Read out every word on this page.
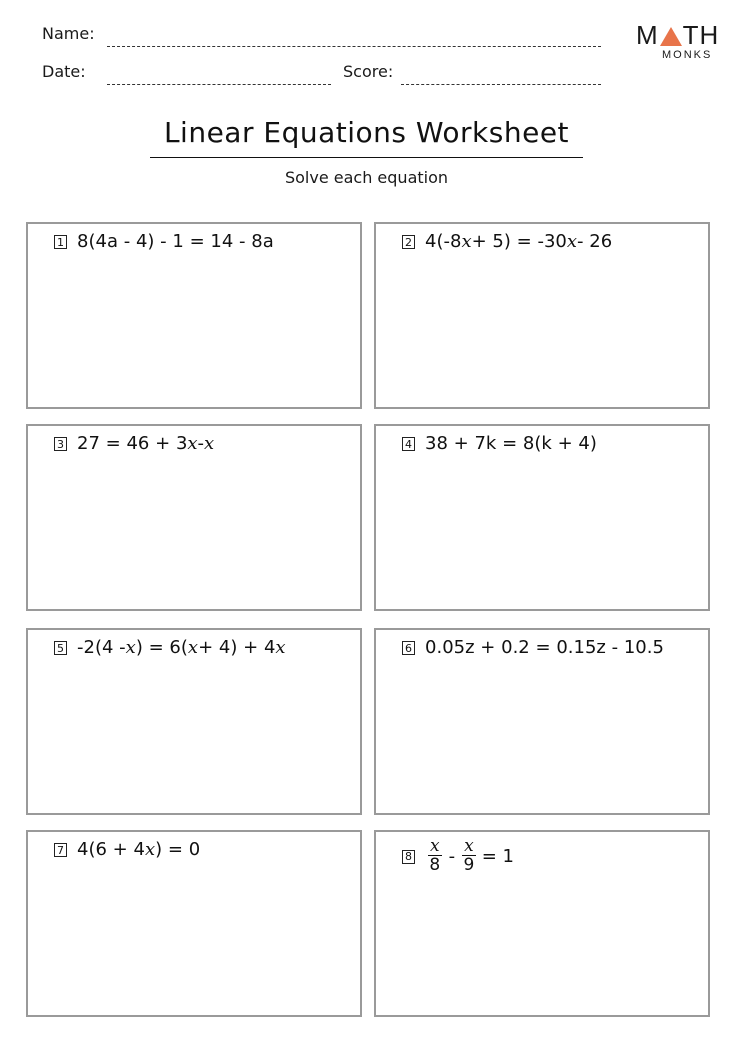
Name:
Date:	Score:
M TH
MONKS
Linear Equations Worksheet
Solve each equation
1 8(4a - 4) - 1 = 14 - 8a	2 4(-8 x + 5) = -30 x - 26
3 27 = 46 + 3 x - x	4 38 + 7k = 8(k + 4)
5 -2(4 - x ) = 6( x + 4) + 4 x	6 0.05z + 0.2 = 0.15z - 10.5
7 4(6 + 4 x ) = 0	$8 \frac{x}{8} - \frac{x}{9} = 1$
